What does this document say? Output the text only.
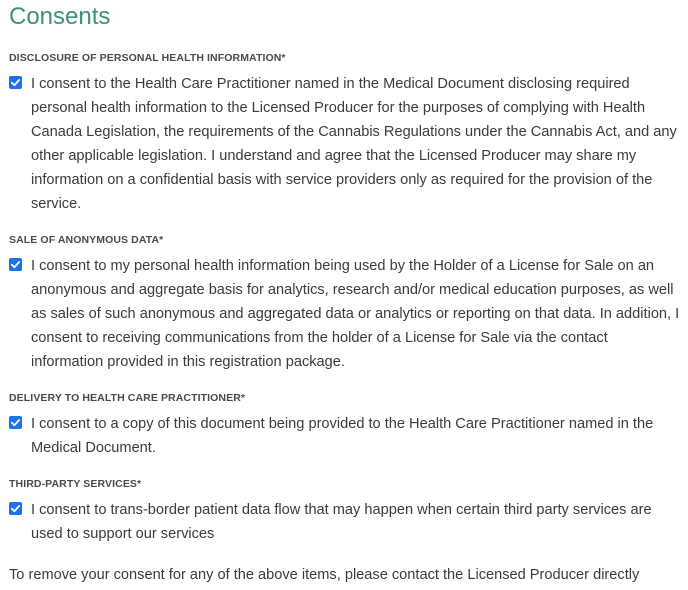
Consents
DISCLOSURE OF PERSONAL HEALTH INFORMATION*
I consent to the Health Care Practitioner named in the Medical Document disclosing required personal health information to the Licensed Producer for the purposes of complying with Health Canada Legislation, the requirements of the Cannabis Regulations under the Cannabis Act, and any other applicable legislation. I understand and agree that the Licensed Producer may share my information on a confidential basis with service providers only as required for the provision of the service.
SALE OF ANONYMOUS DATA*
I consent to my personal health information being used by the Holder of a License for Sale on an anonymous and aggregate basis for analytics, research and/or medical education purposes, as well as sales of such anonymous and aggregated data or analytics or reporting on that data. In addition, I consent to receiving communications from the holder of a License for Sale via the contact information provided in this registration package.
DELIVERY TO HEALTH CARE PRACTITIONER*
I consent to a copy of this document being provided to the Health Care Practitioner named in the Medical Document.
THIRD-PARTY SERVICES*
I consent to trans-border patient data flow that may happen when certain third party services are used to support our services
To remove your consent for any of the above items, please contact the Licensed Producer directly
